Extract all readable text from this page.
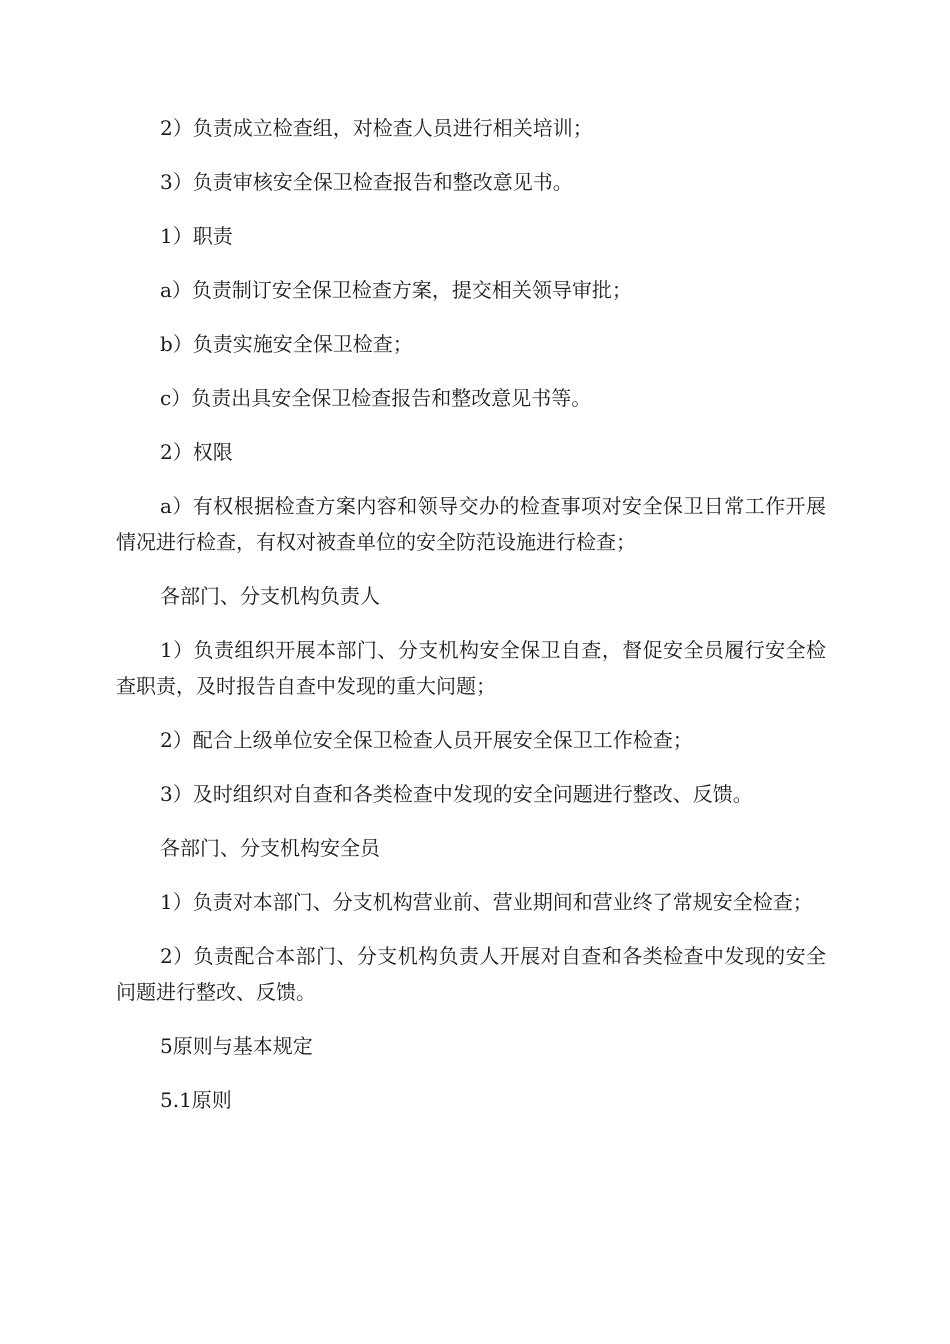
2）负责成立检查组，对检查人员进行相关培训；

3）负责审核安全保卫检查报告和整改意见书。

1）职责

a）负责制订安全保卫检查方案，提交相关领导审批；

b）负责实施安全保卫检查；

c）负责出具安全保卫检查报告和整改意见书等。

2）权限

a）有权根据检查方案内容和领导交办的检查事项对安全保卫日常工作开展情况进行检查，有权对被查单位的安全防范设施进行检查；

各部门、分支机构负责人

1）负责组织开展本部门、分支机构安全保卫自查，督促安全员履行安全检查职责，及时报告自查中发现的重大问题；

2）配合上级单位安全保卫检查人员开展安全保卫工作检查；

3）及时组织对自查和各类检查中发现的安全问题进行整改、反馈。

各部门、分支机构安全员

1）负责对本部门、分支机构营业前、营业期间和营业终了常规安全检查；

2）负责配合本部门、分支机构负责人开展对自查和各类检查中发现的安全问题进行整改、反馈。

5原则与基本规定

5.1原则
